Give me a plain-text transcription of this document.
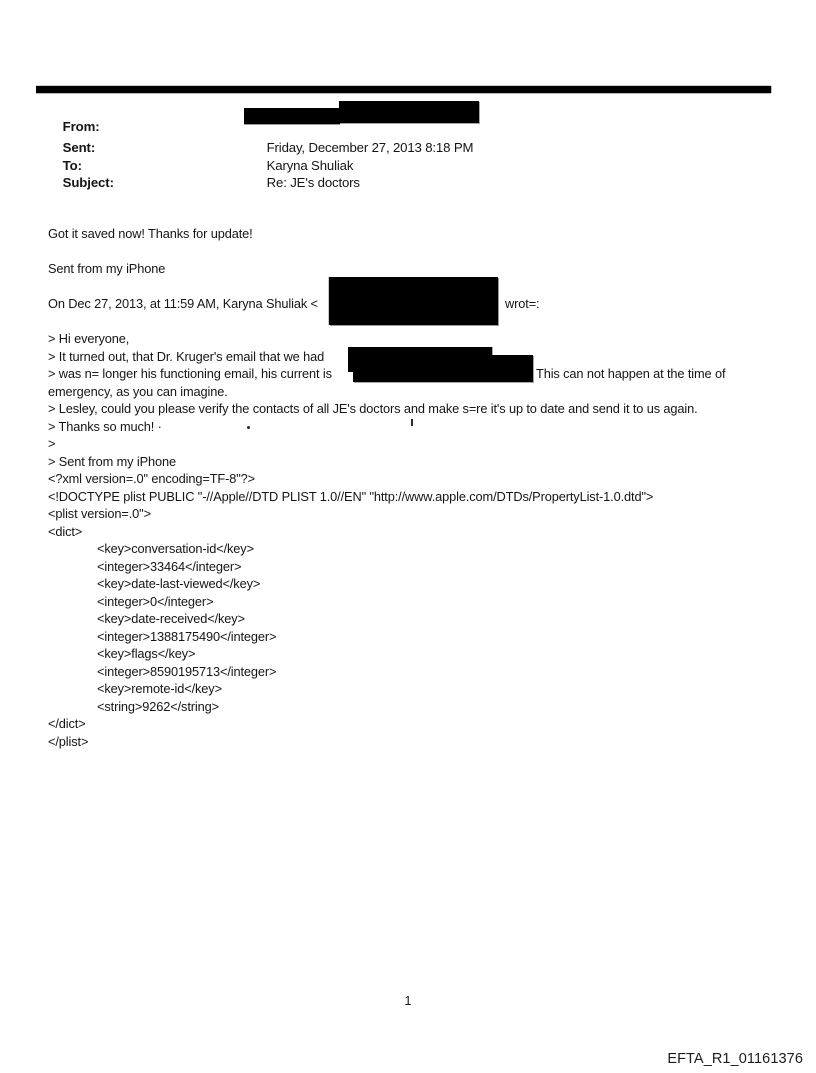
From:

Sent:	Friday, December 27, 2013 8:18 PM

To:	Karyna Shuliak

Subject:	Re: JE's doctors

Got it saved now! Thanks for update!
Sent from my iPhone
On Dec 27, 2013, at 11:59 AM, Karyna Shuliak <	wrot=:
> Hi everyone,
> It turned out, that Dr. Kruger's email that we had
> was n= longer his functioning email, his current is	This can not happen at the time of
emergency, as you can imagine.
> Lesley, could you please verify the contacts of all JE's doctors and make s=re it's up to date and send it to us again.
> Thanks so much! ·
>
> Sent from my iPhone
<?xml version=.0" encoding=TF-8"?>
<!DOCTYPE plist PUBLIC "-//Apple//DTD PLIST 1.0//EN" "http://www.apple.com/DTDs/PropertyList-1.0.dtd">
<plist version=.0">
<dict>
<key>conversation-id</key>
<integer>33464</integer>
<key>date-last-viewed</key>
<integer>0</integer>
<key>date-received</key>
<integer>1388175490</integer>
<key>flags</key>
<integer>8590195713</integer>
<key>remote-id</key>
<string>9262</string>
</dict>
</plist>
1
EFTA_R1_01161376
